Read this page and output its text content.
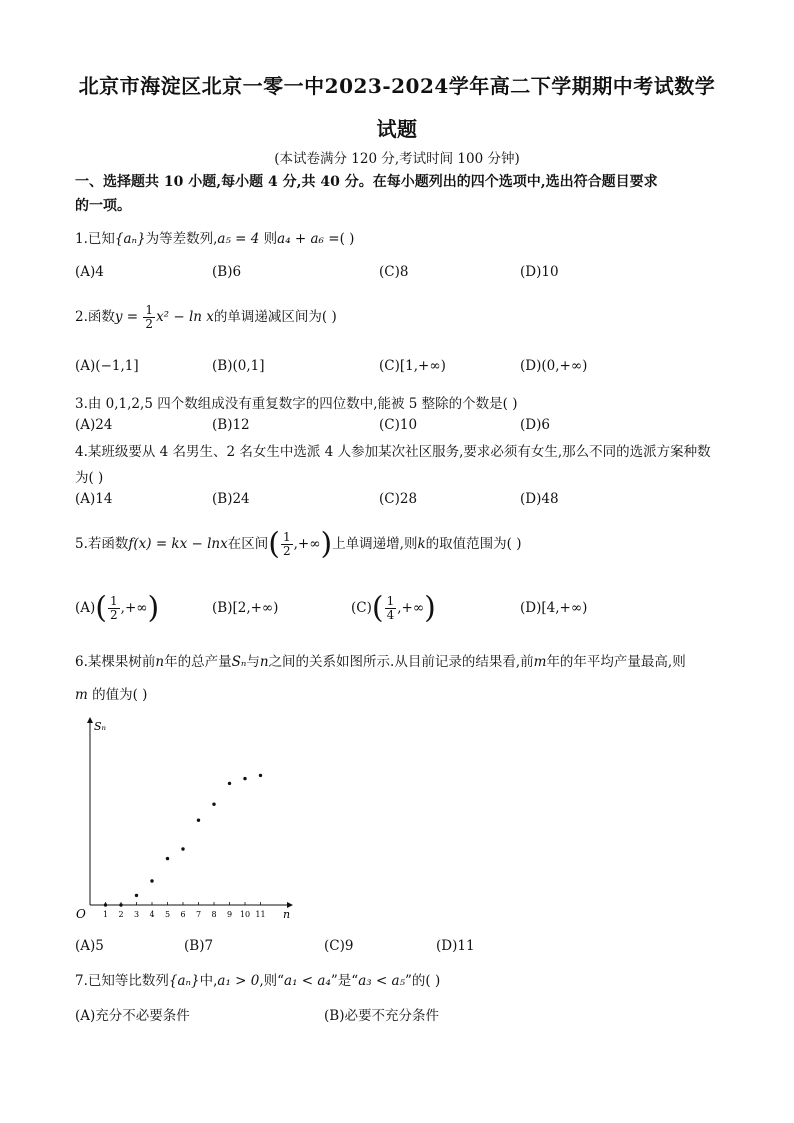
北京市海淀区北京一零一中2023-2024学年高二下学期期中考试数学
试题
(本试卷满分 120 分,考试时间 100 分钟)
一、选择题共 10 小题,每小题 4 分,共 40 分。在每小题列出的四个选项中,选出符合题目要求
的一项。
1.已知{aₙ}为等差数列,a₅ = 4 则a₄ + a₆ =( )
(A)4	(B)6	(C)8	(D)10
2.函数$y = \frac{1}{2} x^2 - \ln x$的单调递减区间为( )
(A)(−1,1]	(B)(0,1]	(C)[1,+∞)	(D)(0,+∞)
3.由 0,1,2,5 四个数组成没有重复数字的四位数中,能被 5 整除的个数是( )
(A)24	(B)12	(C)10	(D)6
4.某班级要从 4 名男生、2 名女生中选派 4 人参加某次社区服务,要求必须有女生,那么不同的选派方案种数
为( )
(A)14	(B)24	(C)28	(D)48
5.若函数f(x) = kx − lnx在区间( $\frac{1}{2}$ ,+∞)上单调递增,则k的取值范围为( )
$(A)( \frac{1}{2}$ ,+∞)	(B)[2,+∞)	$(C)( \frac{1}{4}$ ,+∞)	(D)[4,+∞)
6.某棵果树前n年的总产量Sₙ与n之间的关系如图所示.从目前记录的结果看,前m年的年平均产量最高,则
m 的值为( )
O
Sₙ
n
1 2 3 4 5 6 7 8 9 10 11
(A)5	(B)7	(C)9	(D)11
7.已知等比数列{aₙ}中,a₁ > 0,则“a₁ < a₄”是“a₃ < a₅”的( )
(A)充分不必要条件	(B)必要不充分条件
